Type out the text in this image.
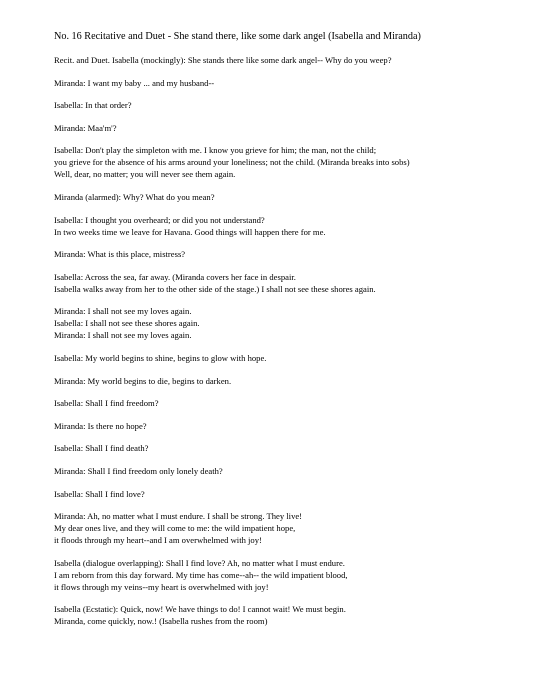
No. 16 Recitative and Duet - She stand there, like some dark angel (Isabella and Miranda)
Recit. and Duet. Isabella (mockingly): She stands there like some dark angel-- Why do you weep?
Miranda: I want my baby ... and my husband--
Isabella: In that order?
Miranda: Maa'm'?
Isabella: Don't play the simpleton with me. I know you grieve for him; the man, not the child;
you grieve for the absence of his arms around your loneliness; not the child. (Miranda breaks into sobs)
Well, dear, no matter; you will never see them again.
Miranda (alarmed): Why? What do you mean?
Isabella: I thought you overheard; or did you not understand?
In two weeks time we leave for Havana. Good things will happen there for me.
Miranda: What is this place, mistress?
Isabella: Across the sea, far away. (Miranda covers her face in despair.
Isabella walks away from her to the other side of the stage.) I shall not see these shores again.
Miranda: I shall not see my loves again.
Isabella: I shall not see these shores again.
Miranda: I shall not see my loves again.
Isabella: My world begins to shine, begins to glow with hope.
Miranda: My world begins to die, begins to darken.
Isabella: Shall I find freedom?
Miranda: Is there no hope?
Isabella: Shall I find death?
Miranda: Shall I find freedom only lonely death?
Isabella: Shall I find love?
Miranda: Ah, no matter what I must endure. I shall be strong. They live!
My dear ones live, and they will come to me: the wild impatient hope,
it floods through my heart--and I am overwhelmed with joy!
Isabella (dialogue overlapping): Shall I find love? Ah, no matter what I must endure.
I am reborn from this day forward. My time has come--ah-- the wild impatient blood,
it flows through my veins--my heart is overwhelmed with joy!
Isabella (Ecstatic): Quick, now! We have things to do! I cannot wait! We must begin.
Miranda, come quickly, now.! (Isabella rushes from the room)
